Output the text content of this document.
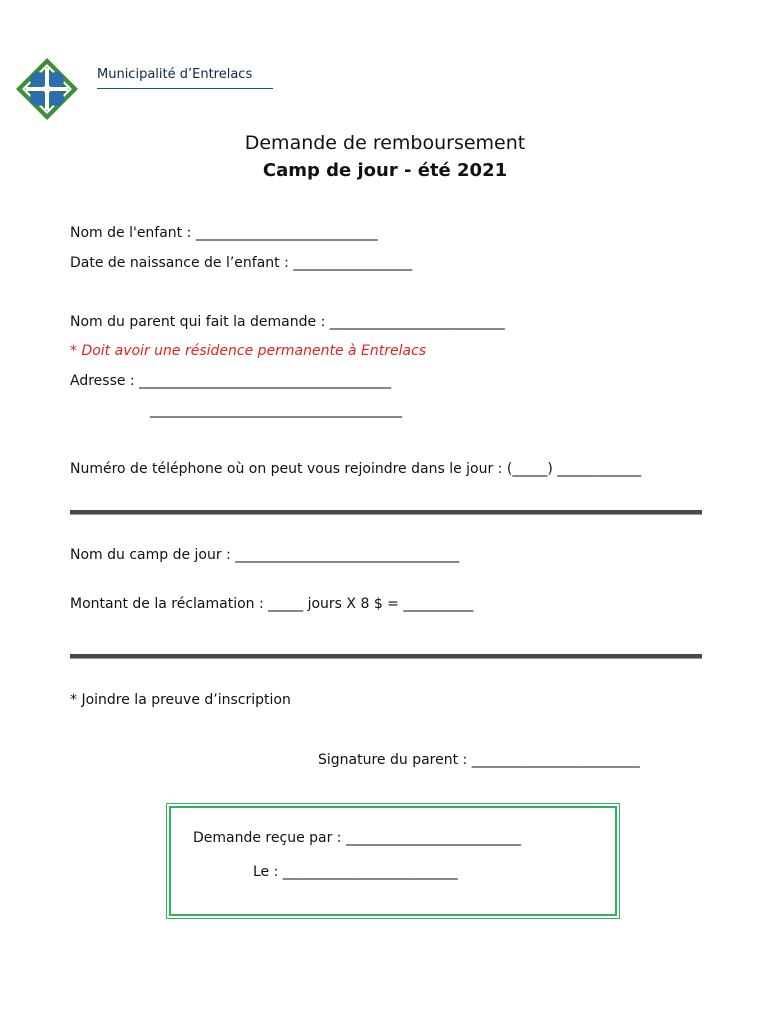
Municipalité d’Entrelacs
Demande de remboursement
Camp de jour - été 2021
Nom de l'enfant : __________________________
Date de naissance de l’enfant : _________________
Nom du parent qui fait la demande : _________________________
* Doit avoir une résidence permanente à Entrelacs
Adresse : ____________________________________
____________________________________
Numéro de téléphone où on peut vous rejoindre dans le jour : (_____) ____________
Nom du camp de jour : ________________________________
Montant de la réclamation : _____ jours X 8 $ = __________
* Joindre la preuve d’inscription
Signature du parent : ________________________
Demande reçue par : _________________________
Le : _________________________
